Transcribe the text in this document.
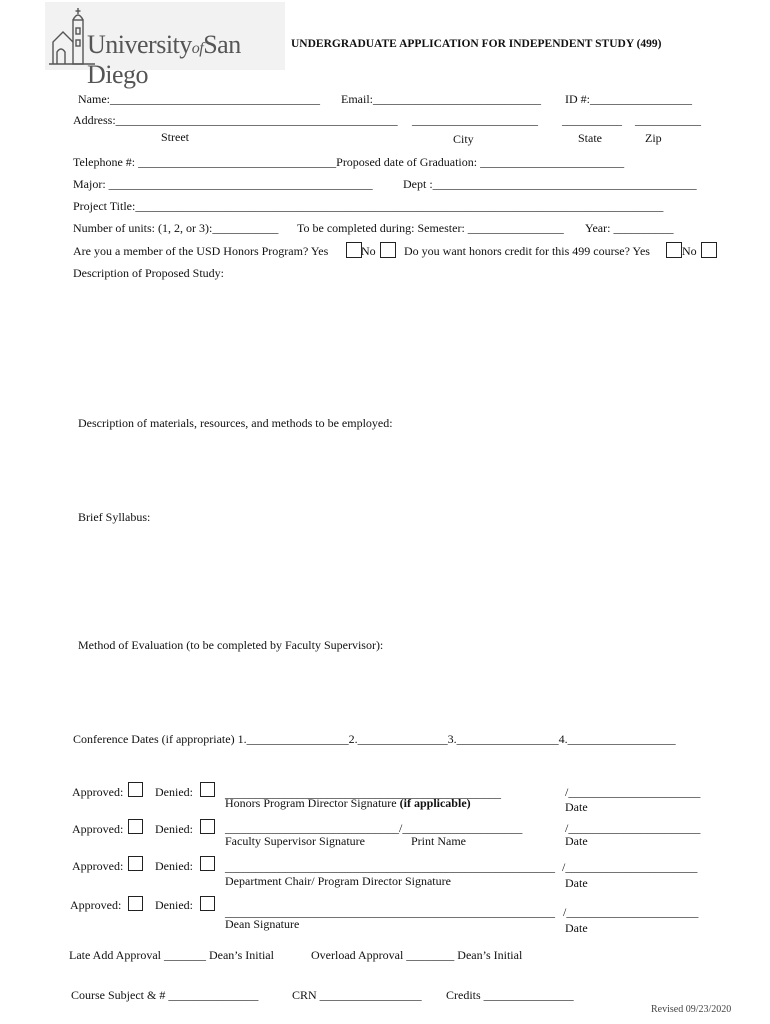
UniversityofSan Diego
UNDERGRADUATE APPLICATION FOR INDEPENDENT STUDY (499)
Name:___________________________________ Email:____________________________ ID #:_________________
Address:_______________________________________________ _____________________ __________ ___________
Street	City	State	Zip
Telephone #: _________________________________Proposed date of Graduation: ________________________
Major: ____________________________________________	Dept :____________________________________________
Project Title:________________________________________________________________________________________
Number of units: (1, 2, or 3):___________ To be completed during: Semester: ________________ Year: __________
Are you a member of the USD Honors Program? Yes	No Do you want honors credit for this 499 course? Yes	No
Description of Proposed Study:
Description of materials, resources, and methods to be employed:
Brief Syllabus:
Method of Evaluation (to be completed by Faculty Supervisor):
Conference Dates (if appropriate) 1._________________2._______________3._________________4.__________________
Approved:	Denied:	______________________________________________
Honors Program Director Signature (if applicable)
/______________________
Date
Approved:	Denied:	_____________________________/____________________
Faculty Supervisor Signature	Print Name
/______________________
Date
Approved:	Denied:	_______________________________________________________
Department Chair/ Program Director Signature
/______________________
Date
Approved:	Denied:	_______________________________________________________
Dean Signature
/______________________
Date
Late Add Approval _______ Dean’s Initial	Overload Approval ________ Dean’s Initial
Course Subject & # _______________	CRN _________________ Credits _______________
Revised 09/23/2020
